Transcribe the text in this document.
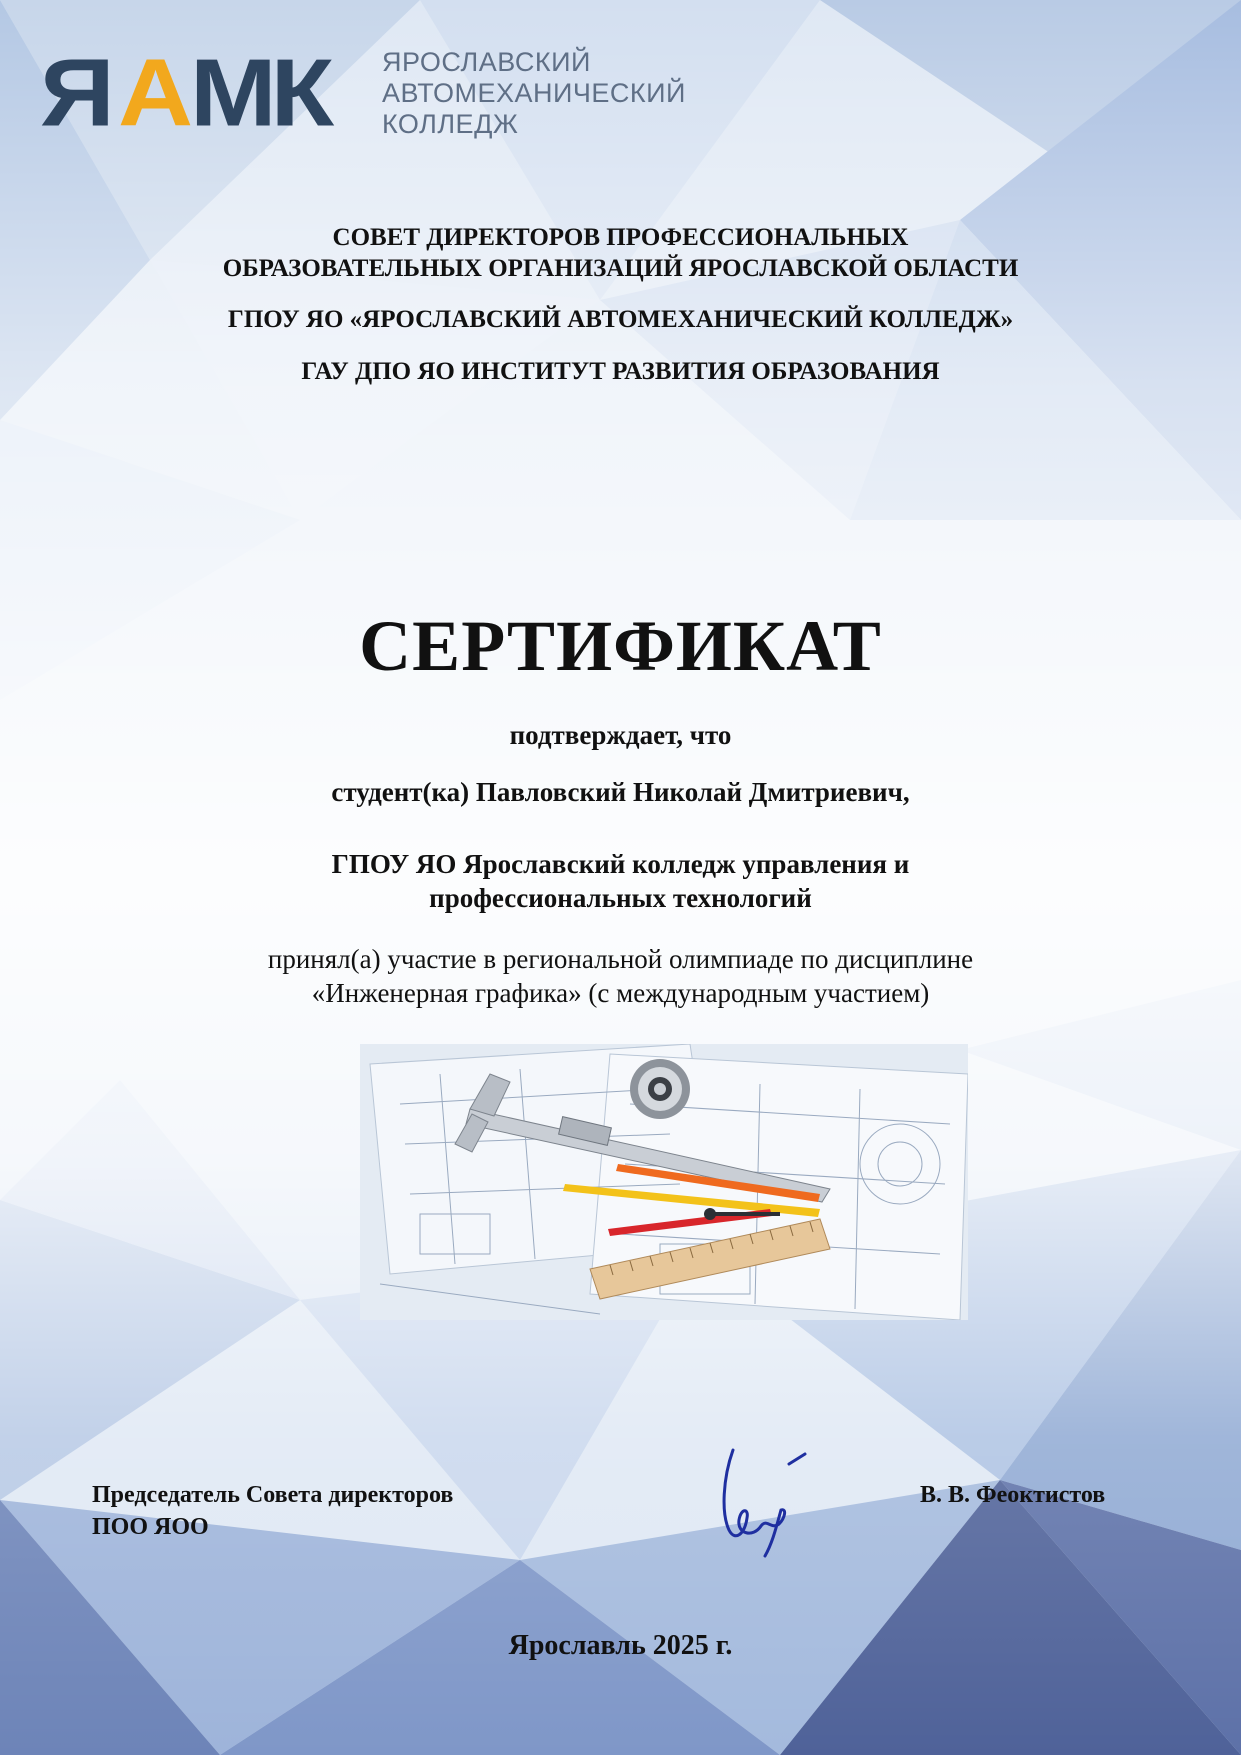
Я А
МК ЯРОСЛАВСКИЙ
АВТОМЕХАНИЧЕСКИЙ
КОЛЛЕДЖ
СОВЕТ ДИРЕКТОРОВ ПРОФЕССИОНАЛЬНЫХ
ОБРАЗОВАТЕЛЬНЫХ ОРГАНИЗАЦИЙ ЯРОСЛАВСКОЙ ОБЛАСТИ
ГПОУ ЯО «ЯРОСЛАВСКИЙ АВТОМЕХАНИЧЕСКИЙ КОЛЛЕДЖ»
ГАУ ДПО ЯО ИНСТИТУТ РАЗВИТИЯ ОБРАЗОВАНИЯ
СЕРТИФИКАТ
подтверждает, что
студент(ка) Павловский Николай Дмитриевич,
ГПОУ ЯО Ярославский колледж управления и
профессиональных технологий
принял(а) участие в региональной олимпиаде по дисциплине
«Инженерная графика» (с международным участием)
Председатель Совета директоров
ПОО ЯОО
В. В. Феоктистов
Ярославль 2025 г.
